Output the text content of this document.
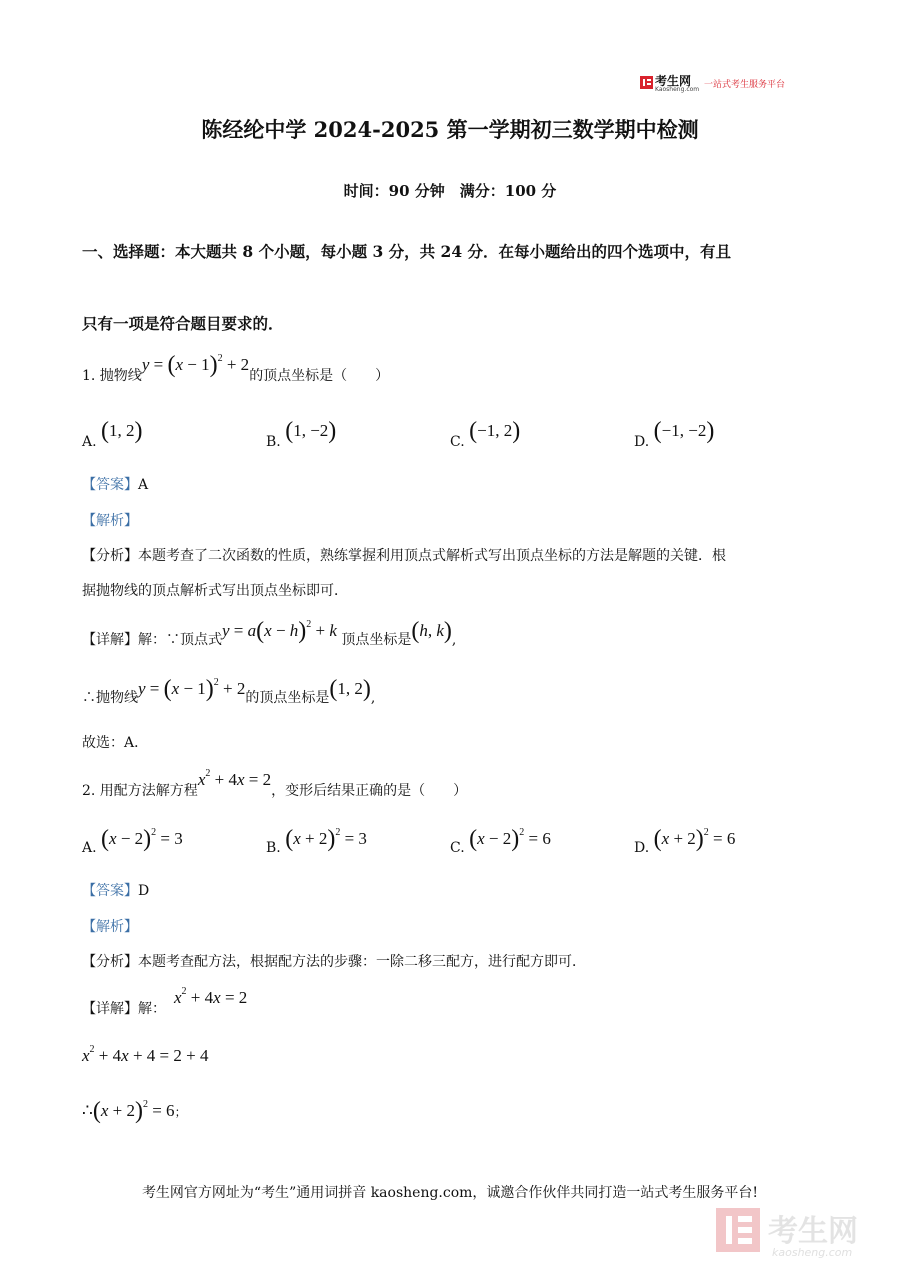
考生网
Kaosheng.com 一站式考生服务平台
陈经纶中学 2024-2025 第一学期初三数学期中检测
时间：90 分钟　满分：100 分
一、选择题：本大题共 8 个小题，每小题 3 分，共 24 分．在每小题给出的四个选项中，有且
只有一项是符合题目要求的．
1. 抛物线$y = (x - 1)^2 + 2$的顶点坐标是（　　）
A. (1, 2)	B. (1, −2)	C. (−1, 2)	D. (−1, −2)
【答案】A
【解析】
【分析】本题考查了二次函数的性质，熟练掌握利用顶点式解析式写出顶点坐标的方法是解题的关键．根
据抛物线的顶点解析式写出顶点坐标即可．
【详解】解：∵顶点式$y = a(x - h)^2 + k$ 顶点坐标是(h, k),
∴抛物线$y = (x - 1)^2 + 2$的顶点坐标是(1, 2),
故选：A．
2. 用配方法解方程$x^2 + 4x = 2$，变形后结果正确的是（　　）
A. $(x - 2)^2 = 3$	B. $(x + 2)^2 = 3$	C. $(x - 2)^2 = 6$	D. $(x + 2)^2 = 6$
【答案】D
【解析】
【分析】本题考查配方法，根据配方法的步骤：一除二移三配方，进行配方即可．
【详解】解：$x^2 + 4x = 2$
$x^2 + 4x + 4 = 2 + 4$
∴(x + 2)$^2$ = 6；
考生网官方网址为“考生”通用词拼音 kaosheng.com，诚邀合作伙伴共同打造一站式考生服务平台!
考生网
kaosheng.com
